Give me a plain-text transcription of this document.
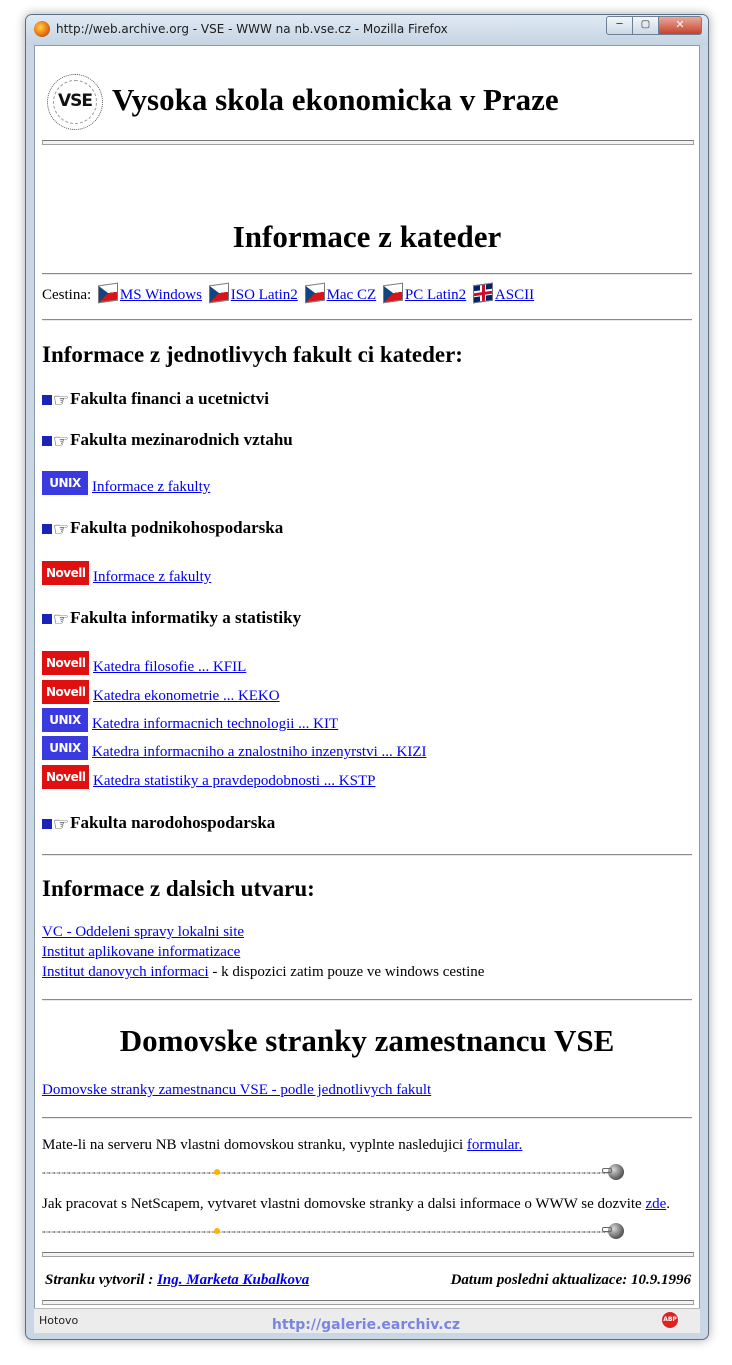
http://web.archive.org - VSE - WWW na nb.vse.cz - Mozilla Firefox	─	▢	✕
VSE Vysoka skola ekonomicka v Praze
Informace z kateder
Cestina: MS Windows ISO Latin2 Mac CZ PC Latin2 ASCII
Informace z jednotlivych fakult ci kateder:
☞Fakulta financi a ucetnictvi
☞Fakulta mezinarodnich vztahu
UNIX Informace z fakulty
☞Fakulta podnikohospodarska
Novell Informace z fakulty
☞Fakulta informatiky a statistiky
Novell Katedra filosofie ... KFIL
Novell Katedra ekonometrie ... KEKO
UNIX Katedra informacnich technologii ... KIT
UNIX Katedra informacniho a znalostniho inzenyrstvi ... KIZI
Novell Katedra statistiky a pravdepodobnosti ... KSTP
☞Fakulta narodohospodarska
Informace z dalsich utvaru:
VC - Oddeleni spravy lokalni site
Institut aplikovane informatizace
Institut danovych informaci - k dispozici zatim pouze ve windows cestine
Domovske stranky zamestnancu VSE
Domovske stranky zamestnancu VSE - podle jednotlivych fakult
Mate-li na serveru NB vlastni domovskou stranku, vyplnte nasledujici formular.
Jak pracovat s NetScapem, vytvaret vlastni domovske stranky a dalsi informace o WWW se dozvite zde.
Stranku vytvoril : Ing. Marketa Kubalkova	Datum posledni aktualizace: 10.9.1996
Hotovo	ABP
http://galerie.earchiv.cz
